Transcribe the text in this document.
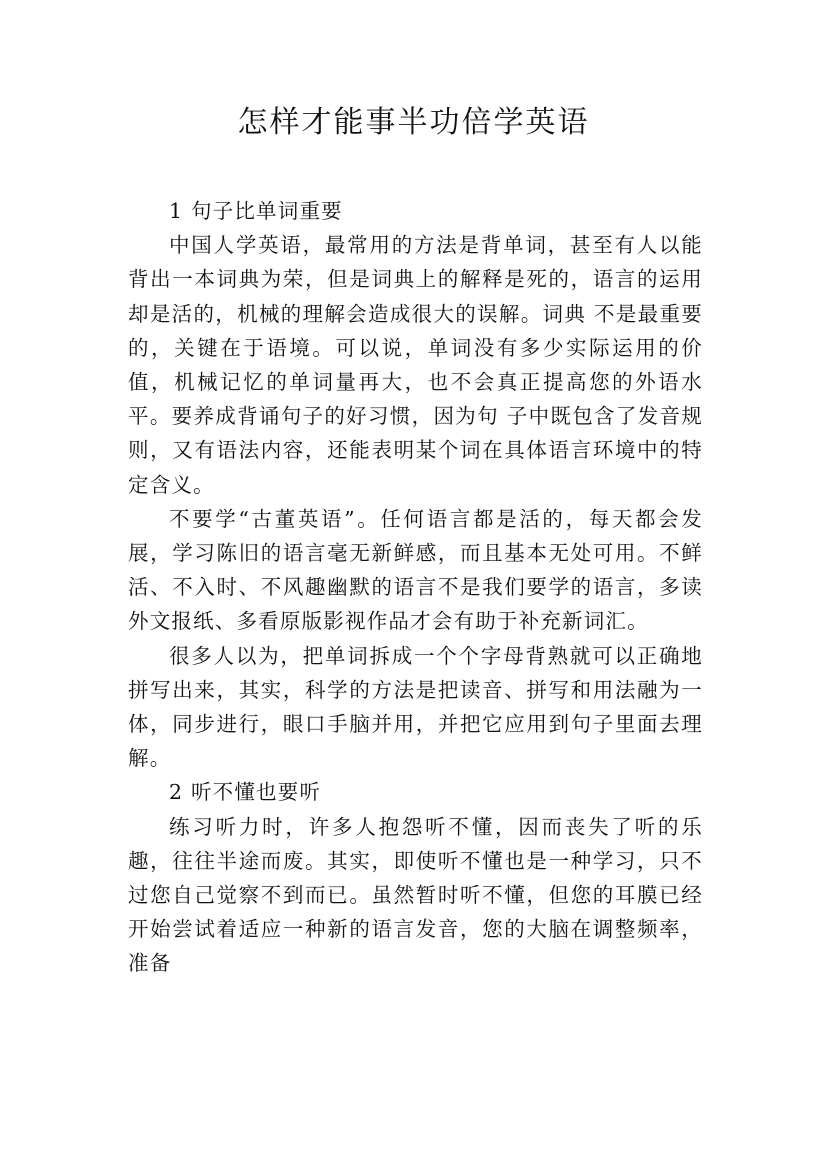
怎样才能事半功倍学英语

1 句子比单词重要

中国人学英语，最常用的方法是背单词，甚至有人以能背出一本词典为荣，但是词典上的解释是死的，语言的运用却是活的，机械的理解会造成很大的误解。词典 不是最重要的，关键在于语境。可以说，单词没有多少实际运用的价值，机械记忆的单词量再大，也不会真正提高您的外语水平。要养成背诵句子的好习惯，因为句 子中既包含了发音规则，又有语法内容，还能表明某个词在具体语言环境中的特定含义。

不要学“古董英语”。任何语言都是活的，每天都会发展，学习陈旧的语言毫无新鲜感，而且基本无处可用。不鲜活、不入时、不风趣幽默的语言不是我们要学的语言，多读外文报纸、多看原版影视作品才会有助于补充新词汇。

很多人以为，把单词拆成一个个字母背熟就可以正确地拼写出来，其实，科学的方法是把读音、拼写和用法融为一体，同步进行，眼口手脑并用，并把它应用到句子里面去理解。

2 听不懂也要听

练习听力时，许多人抱怨听不懂，因而丧失了听的乐趣，往往半途而废。其实，即使听不懂也是一种学习，只不过您自己觉察不到而已。虽然暂时听不懂，但您的耳膜已经开始尝试着适应一种新的语言发音，您的大脑在调整频率，准备
